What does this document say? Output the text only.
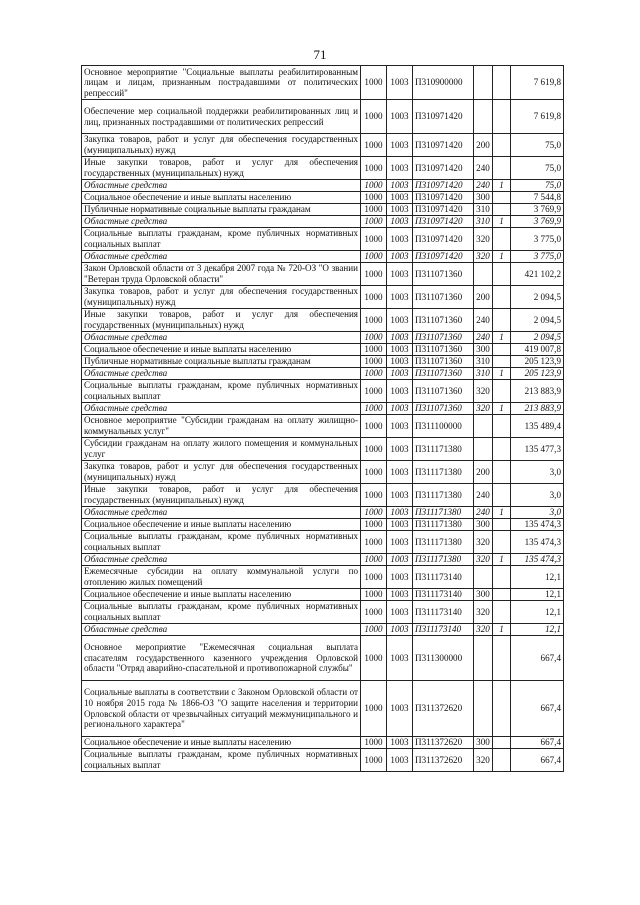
71
Основное мероприятие "Социальные выплаты реабилитированным лицам и лицам, признанным пострадавшими от политических репрессий"	1000	1003	П310900000			7 619,8
Обеспечение мер социальной поддержки реабилитированных лиц и лиц, признанных пострадавшими от политических репрессий	1000	1003	П310971420			7 619,8
Закупка товаров, работ и услуг для обеспечения государственных (муниципальных) нужд	1000	1003	П310971420	200		75,0
Иные закупки товаров, работ и услуг для обеспечения государственных (муниципальных) нужд	1000	1003	П310971420	240		75,0
Областные средства	1000	1003	П310971420	240	1	75,0
Социальное обеспечение и иные выплаты населению	1000	1003	П310971420	300		7 544,8
Публичные нормативные социальные выплаты гражданам	1000	1003	П310971420	310		3 769,9
Областные средства	1000	1003	П310971420	310	1	3 769,9
Социальные выплаты гражданам, кроме публичных нормативных социальных выплат	1000	1003	П310971420	320		3 775,0
Областные средства	1000	1003	П310971420	320	1	3 775,0
Закон Орловской области от 3 декабря 2007 года № 720-ОЗ "О звании "Ветеран труда Орловской области"	1000	1003	П311071360			421 102,2
Закупка товаров, работ и услуг для обеспечения государственных (муниципальных) нужд	1000	1003	П311071360	200		2 094,5
Иные закупки товаров, работ и услуг для обеспечения государственных (муниципальных) нужд	1000	1003	П311071360	240		2 094,5
Областные средства	1000	1003	П311071360	240	1	2 094,5
Социальное обеспечение и иные выплаты населению	1000	1003	П311071360	300		419 007,8
Публичные нормативные социальные выплаты гражданам	1000	1003	П311071360	310		205 123,9
Областные средства	1000	1003	П311071360	310	1	205 123,9
Социальные выплаты гражданам, кроме публичных нормативных социальных выплат	1000	1003	П311071360	320		213 883,9
Областные средства	1000	1003	П311071360	320	1	213 883,9
Основное мероприятие "Субсидии гражданам на оплату жилищно-коммунальных услуг"	1000	1003	П311100000			135 489,4
Субсидии гражданам на оплату жилого помещения и коммунальных услуг	1000	1003	П311171380			135 477,3
Закупка товаров, работ и услуг для обеспечения государственных (муниципальных) нужд	1000	1003	П311171380	200		3,0
Иные закупки товаров, работ и услуг для обеспечения государственных (муниципальных) нужд	1000	1003	П311171380	240		3,0
Областные средства	1000	1003	П311171380	240	1	3,0
Социальное обеспечение и иные выплаты населению	1000	1003	П311171380	300		135 474,3
Социальные выплаты гражданам, кроме публичных нормативных социальных выплат	1000	1003	П311171380	320		135 474,3
Областные средства	1000	1003	П311171380	320	1	135 474,3
Ежемесячные субсидии на оплату коммунальной услуги по отоплению жилых помещений	1000	1003	П311173140			12,1
Социальное обеспечение и иные выплаты населению	1000	1003	П311173140	300		12,1
Социальные выплаты гражданам, кроме публичных нормативных социальных выплат	1000	1003	П311173140	320		12,1
Областные средства	1000	1003	П311173140	320	1	12,1
Основное мероприятие "Ежемесячная социальная выплата спасателям государственного казенного учреждения Орловской области "Отряд аварийно-спасательной и противопожарной службы"	1000	1003	П311300000			667,4
Социальные выплаты в соответствии с Законом Орловской области от 10 ноября 2015 года № 1866-ОЗ "О защите населения и территории Орловской области от чрезвычайных ситуаций межмуниципального и регионального характера"	1000	1003	П311372620			667,4
Социальное обеспечение и иные выплаты населению	1000	1003	П311372620	300		667,4
Социальные выплаты гражданам, кроме публичных нормативных социальных выплат	1000	1003	П311372620	320		667,4
